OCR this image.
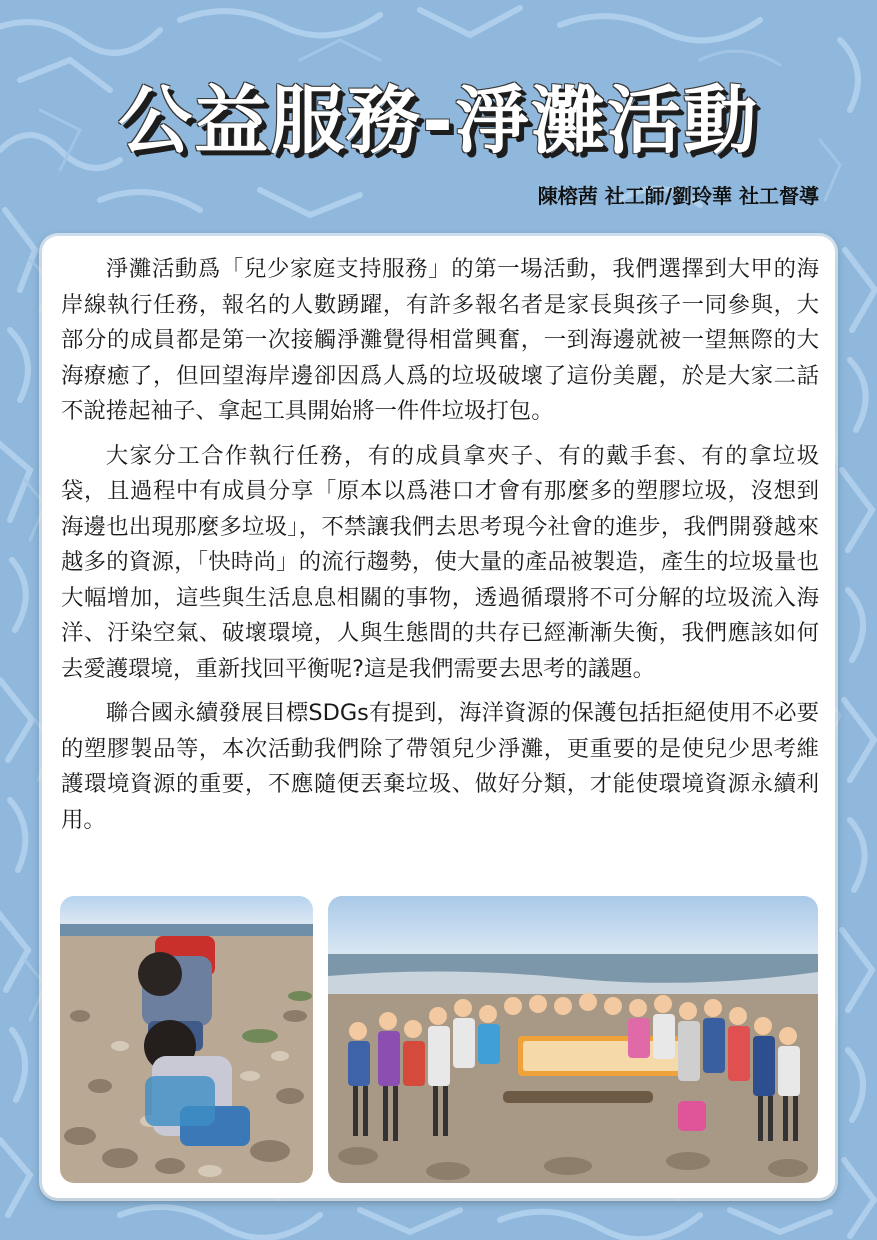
公益服務-淨灘活動
陳榕茜 社工師/劉玲華 社工督導

淨灘活動爲「兒少家庭支持服務」的第一場活動，我們選擇到大甲的海岸線執行任務，報名的人數踴躍，有許多報名者是家長與孩子一同參與，大部分的成員都是第一次接觸淨灘覺得相當興奮，一到海邊就被一望無際的大海療癒了，但回望海岸邊卻因爲人爲的垃圾破壞了這份美麗，於是大家二話不說捲起袖子、拿起工具開始將一件件垃圾打包。

大家分工合作執行任務，有的成員拿夾子、有的戴手套、有的拿垃圾袋，且過程中有成員分享「原本以爲港口才會有那麼多的塑膠垃圾，沒想到海邊也出現那麼多垃圾」，不禁讓我們去思考現今社會的進步，我們開發越來越多的資源，「快時尚」的流行趨勢，使大量的產品被製造，產生的垃圾量也大幅增加，這些與生活息息相關的事物，透過循環將不可分解的垃圾流入海洋、汙染空氣、破壞環境，人與生態間的共存已經漸漸失衡，我們應該如何去愛護環境，重新找回平衡呢?這是我們需要去思考的議題。

聯合國永續發展目標SDGs有提到，海洋資源的保護包括拒絕使用不必要的塑膠製品等，本次活動我們除了帶領兒少淨灘，更重要的是使兒少思考維護環境資源的重要，不應隨便丟棄垃圾、做好分類，才能使環境資源永續利用。
